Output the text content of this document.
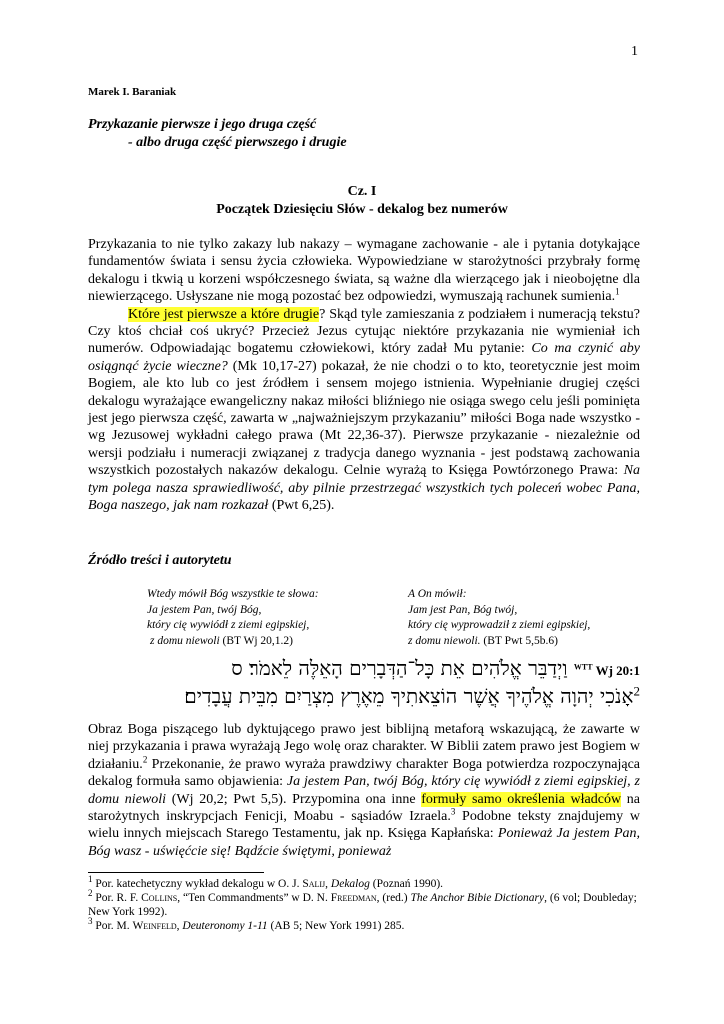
1
Marek I. Baraniak
Przykazanie pierwsze i jego druga część
- albo druga część pierwszego i drugie
Cz. I
Początek Dziesięciu Słów - dekalog bez numerów

Przykazania to nie tylko zakazy lub nakazy – wymagane zachowanie - ale i pytania dotykające fundamentów świata i sensu życia człowieka. Wypowiedziane w starożytności przybrały formę dekalogu i tkwią u korzeni współczesnego świata, są ważne dla wierzącego jak i nieobojętne dla niewierzącego. Usłyszane nie mogą pozostać bez odpowiedzi, wymuszają rachunek sumienia.$^1$

Które jest pierwsze a które drugie? Skąd tyle zamieszania z podziałem i numeracją tekstu? Czy ktoś chciał coś ukryć? Przecież Jezus cytując niektóre przykazania nie wymieniał ich numerów. Odpowiadając bogatemu człowiekowi, który zadał Mu pytanie: Co ma czynić aby osiągnąć życie wieczne? (Mk 10,17-27) pokazał, że nie chodzi o to kto, teoretycznie jest moim Bogiem, ale kto lub co jest źródłem i sensem mojego istnienia. Wypełnianie drugiej części dekalogu wyrażające ewangeliczny nakaz miłości bliźniego nie osiąga swego celu jeśli pominięta jest jego pierwsza część, zawarta w „najważniejszym przykazaniu” miłości Boga nade wszystko - wg Jezusowej wykładni całego prawa (Mt 22,36-37). Pierwsze przykazanie - niezależnie od wersji podziału i numeracji związanej z tradycja danego wyznania - jest podstawą zachowania wszystkich pozostałych nakazów dekalogu. Celnie wyrażą to Księga Powtórzonego Prawa: Na tym polega nasza sprawiedliwość, aby pilnie przestrzegać wszystkich tych poleceń wobec Pana, Boga naszego, jak nam rozkazał (Pwt 6,25).

Źródło treści i autorytetu
Wtedy mówił Bóg wszystkie te słowa:
Ja jestem Pan, twój Bóg,
który cię wywiódł z ziemi egipskiej,
z domu niewoli (BT Wj 20,1.2)
A On mówił:
Jam jest Pan, Bóg twój,
który cię wyprowadził z ziemi egipskiej,
z domu niewoli. (BT Pwt 5,5b.6)
וַיְדַבֵּר אֱלֹהִים אֵת כָּל־הַדְּבָרִים הָאֵלֶּה לֵאמֹר׃ ס $^{WTT}$ Wj 20:1
אָנֹכִי יְהוָה אֱלֹהֶיךָ אֲשֶׁר הוֹצֵאתִיךָ מֵאֶרֶץ מִצְרַיִם מִבֵּית עֲבָדִים׃$^2$

Obraz Boga piszącego lub dyktującego prawo jest biblijną metaforą wskazującą, że zawarte w niej przykazania i prawa wyrażają Jego wolę oraz charakter. W Biblii zatem prawo jest Bogiem w działaniu.$^2$ Przekonanie, że prawo wyraża prawdziwy charakter Boga potwierdza rozpoczynająca dekalog formuła samo objawienia: Ja jestem Pan, twój Bóg, który cię wywiódł z ziemi egipskiej, z domu niewoli (Wj 20,2; Pwt 5,5). Przypomina ona inne formuły samo określenia władców na starożytnych inskrypcjach Fenicji, Moabu - sąsiadów Izraela.$^3$ Podobne teksty znajdujemy w wielu innych miejscach Starego Testamentu, jak np. Księga Kapłańska: Ponieważ Ja jestem Pan, Bóg wasz - uświęćcie się! Bądźcie świętymi, ponieważ

$^1$ Por. katechetyczny wykład dekalogu w O. J. Salij, Dekalog (Poznań 1990).

$^2$ Por. R. F. Collins, “Ten Commandments” w D. N. Freedman, (red.) The Anchor Bibie Dictionary, (6 vol; Doubleday; New York 1992).

$^3$ Por. M. Weinfeld, Deuteronomy 1-11 (AB 5; New York 1991) 285.
